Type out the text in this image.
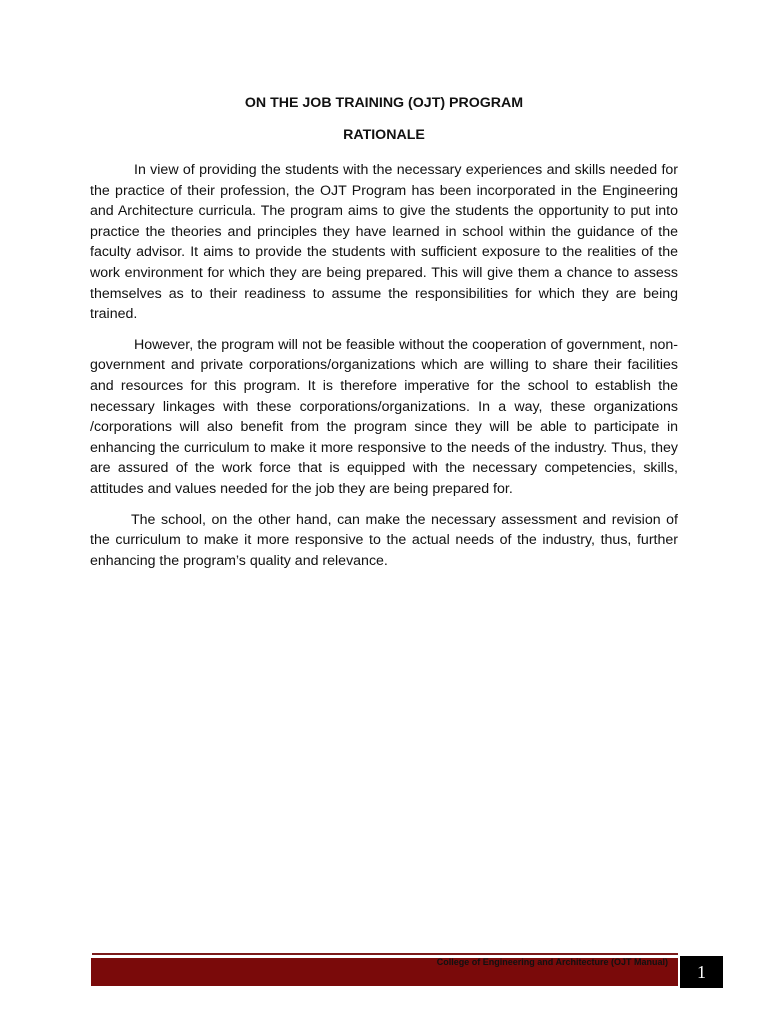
ON THE JOB TRAINING (OJT) PROGRAM
RATIONALE

In view of providing the students with the necessary experiences and skills needed for the practice of their profession, the OJT Program has been incorporated in the Engineering and Architecture curricula. The program aims to give the students the opportunity to put into practice the theories and principles they have learned in school within the guidance of the faculty advisor. It aims to provide the students with sufficient exposure to the realities of the work environment for which they are being prepared. This will give them a chance to assess themselves as to their readiness to assume the responsibilities for which they are being trained.

However, the program will not be feasible without the cooperation of government, non-government and private corporations/organizations which are willing to share their facilities and resources for this program. It is therefore imperative for the school to establish the necessary linkages with these corporations/organizations. In a way, these organizations /corporations will also benefit from the program since they will be able to participate in enhancing the curriculum to make it more responsive to the needs of the industry. Thus, they are assured of the work force that is equipped with the necessary competencies, skills, attitudes and values needed for the job they are being prepared for.

The school, on the other hand, can make the necessary assessment and revision of the curriculum to make it more responsive to the actual needs of the industry, thus, further enhancing the program’s quality and relevance.

College of Engineering and Architecture (OJT Manual)	1
